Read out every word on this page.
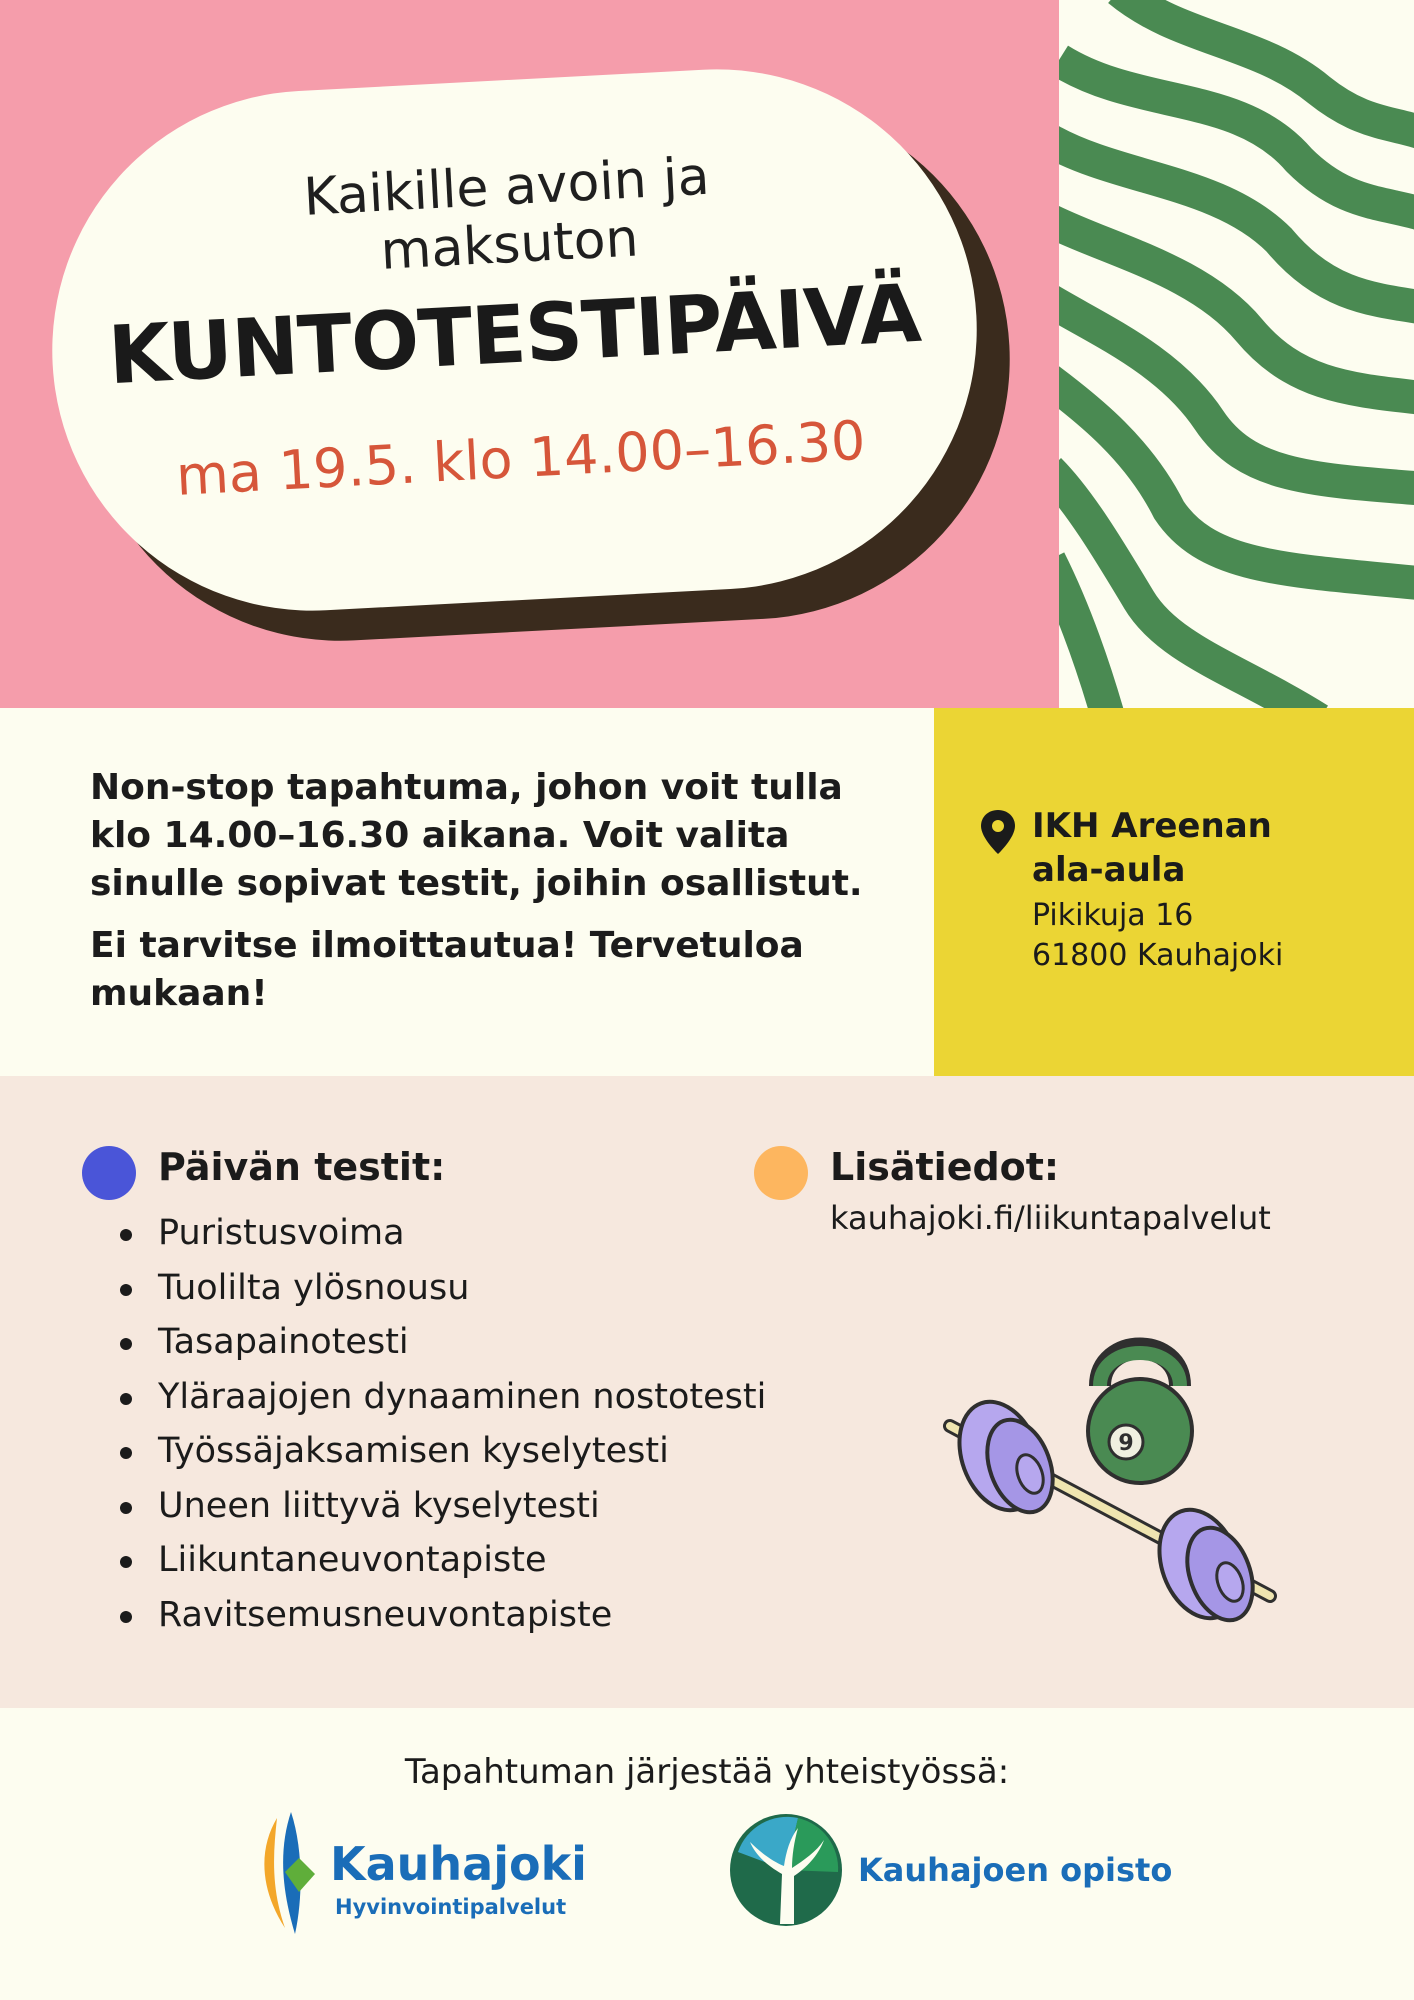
Kaikille avoin ja
maksuton
KUNTOTESTIPÄIVÄ
ma 19.5. klo 14.00–16.30

Non-stop tapahtuma, johon voit tulla
klo 14.00–16.30 aikana. Voit valita
sinulle sopivat testit, joihin osallistut.

Ei tarvitse ilmoittautua! Tervetuloa
mukaan!

IKH Areenan
ala-aula
Pikikuja 16
61800 Kauhajoki
Päivän testit:
Puristusvoima
Tuolilta ylösnousu
Tasapainotesti
Yläraajojen dynaaminen nostotesti
Työssäjaksamisen kyselytesti
Uneen liittyvä kyselytesti
Liikuntaneuvontapiste
Ravitsemusneuvontapiste
Lisätiedot:
kauhajoki.fi/liikuntapalvelut
9
Tapahtuman järjestää yhteistyössä:
Kauhajoki
Hyvinvointipalvelut
Kauhajoen opisto
